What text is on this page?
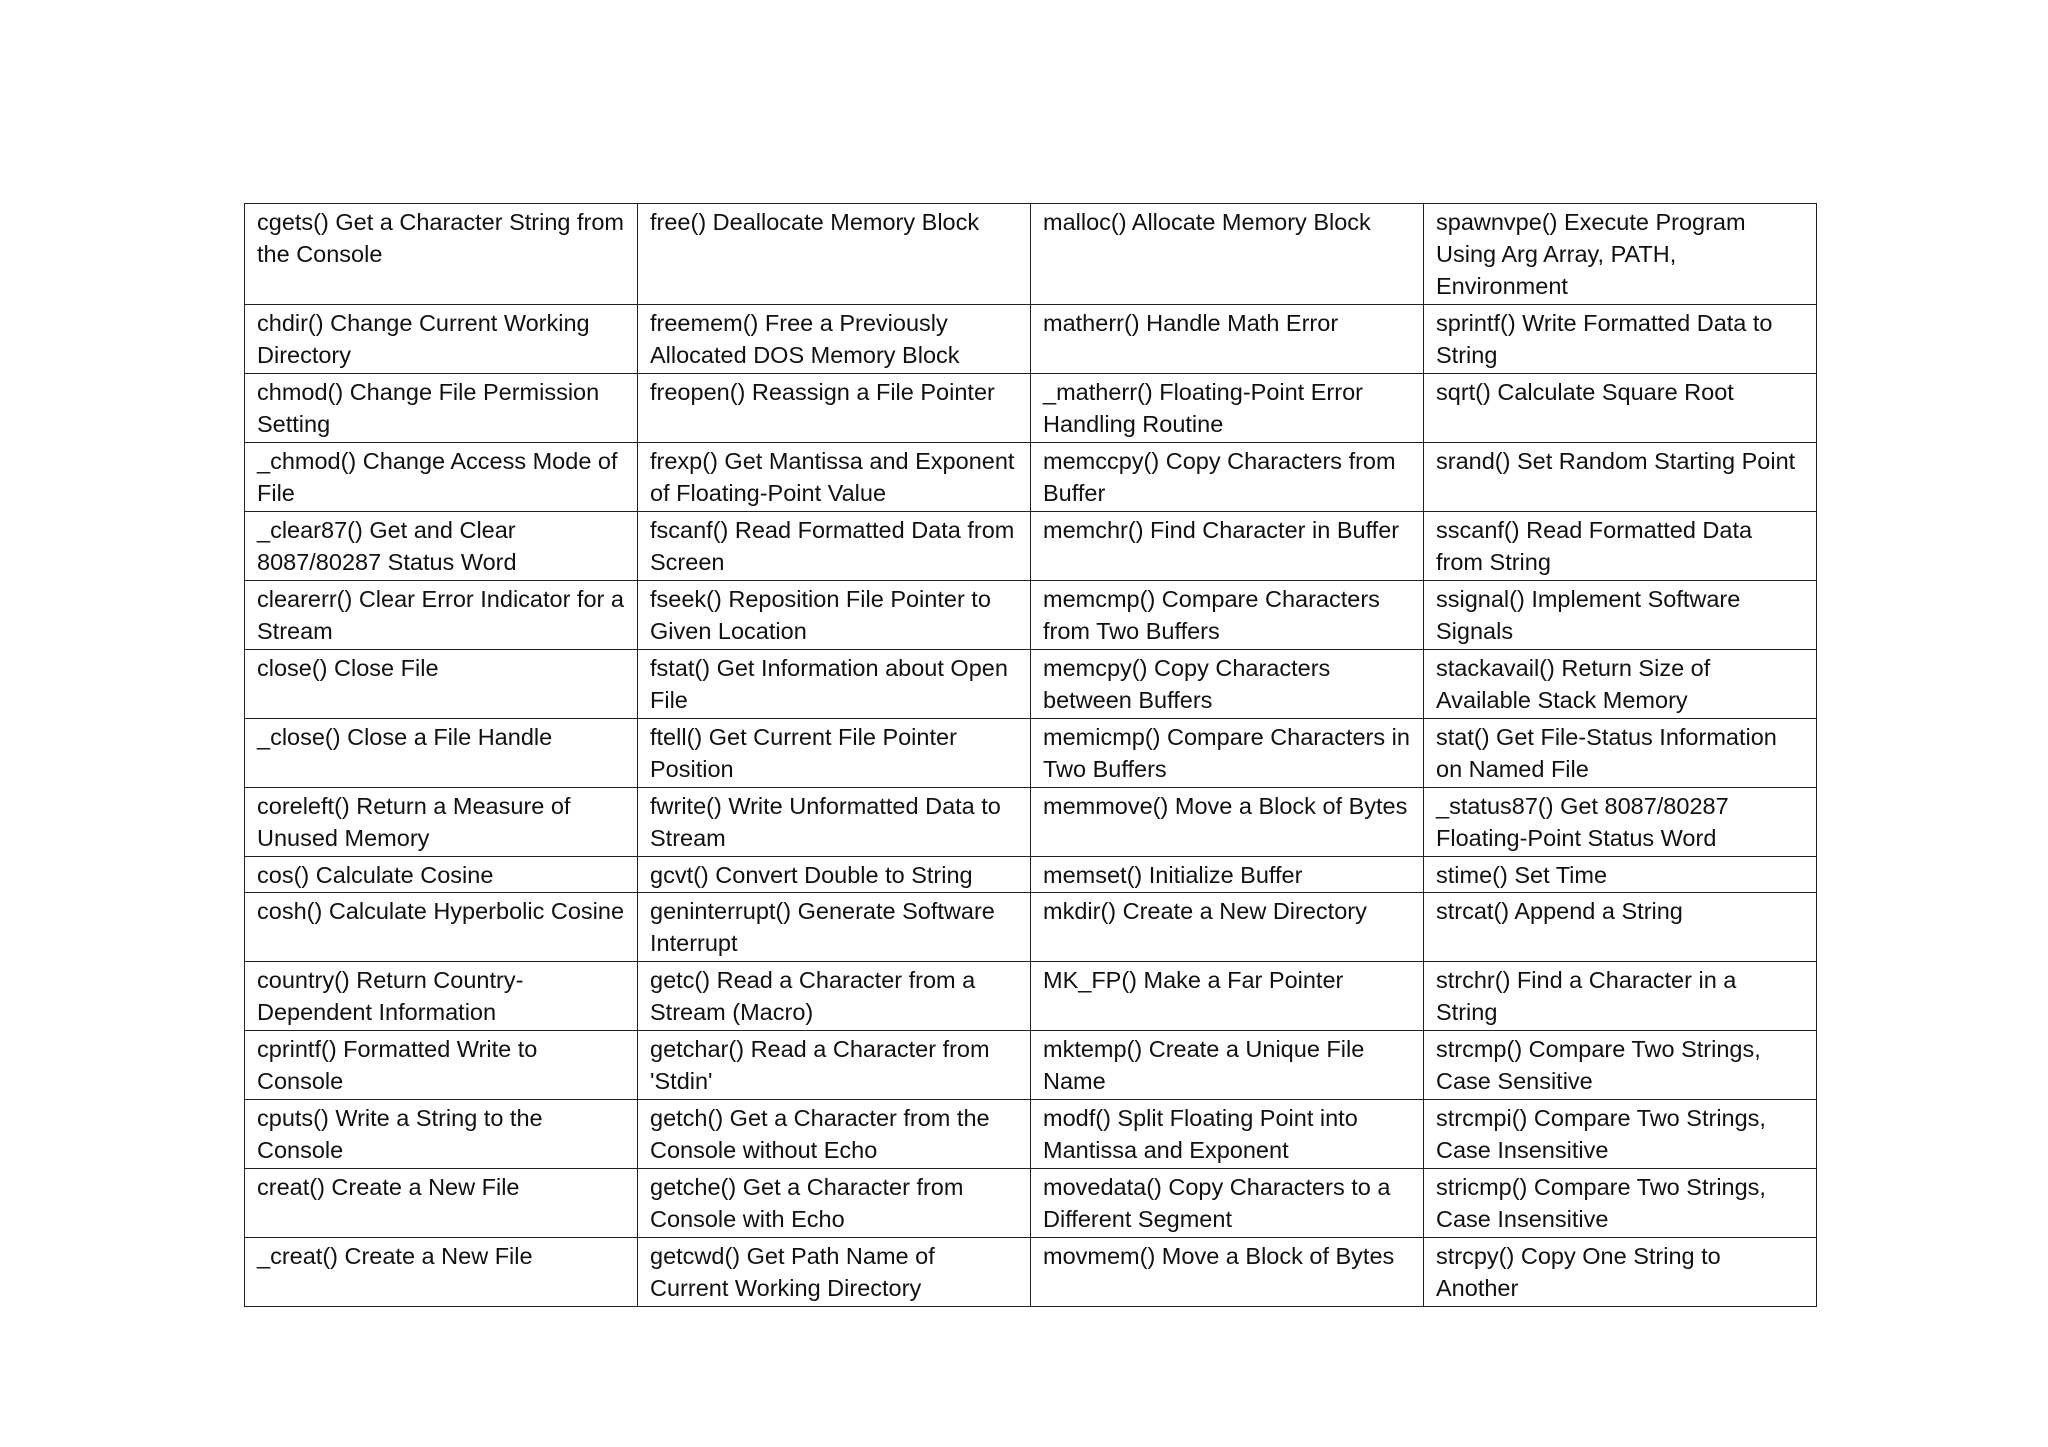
cgets() Get a Character String from the Console	free() Deallocate Memory Block	malloc() Allocate Memory Block	spawnvpe() Execute Program Using Arg Array, PATH, Environment
chdir() Change Current Working Directory	freemem() Free a Previously Allocated DOS Memory Block	matherr() Handle Math Error	sprintf() Write Formatted Data to String
chmod() Change File Permission Setting	freopen() Reassign a File Pointer	_matherr() Floating-Point Error Handling Routine	sqrt() Calculate Square Root
_chmod() Change Access Mode of File	frexp() Get Mantissa and Exponent of Floating-Point Value	memccpy() Copy Characters from Buffer	srand() Set Random Starting Point
_clear87() Get and Clear 8087/80287 Status Word	fscanf() Read Formatted Data from Screen	memchr() Find Character in Buffer	sscanf() Read Formatted Data from String
clearerr() Clear Error Indicator for a Stream	fseek() Reposition File Pointer to Given Location	memcmp() Compare Characters from Two Buffers	ssignal() Implement Software Signals
close() Close File	fstat() Get Information about Open File	memcpy() Copy Characters between Buffers	stackavail() Return Size of Available Stack Memory
_close() Close a File Handle	ftell() Get Current File Pointer Position	memicmp() Compare Characters in Two Buffers	stat() Get File-Status Information on Named File
coreleft() Return a Measure of Unused Memory	fwrite() Write Unformatted Data to Stream	memmove() Move a Block of Bytes	_status87() Get 8087/80287 Floating-Point Status Word
cos() Calculate Cosine	gcvt() Convert Double to String	memset() Initialize Buffer	stime() Set Time
cosh() Calculate Hyperbolic Cosine	geninterrupt() Generate Software Interrupt	mkdir() Create a New Directory	strcat() Append a String
country() Return Country-Dependent Information	getc() Read a Character from a Stream (Macro)	MK_FP() Make a Far Pointer	strchr() Find a Character in a String
cprintf() Formatted Write to Console	getchar() Read a Character from 'Stdin'	mktemp() Create a Unique File Name	strcmp() Compare Two Strings, Case Sensitive
cputs() Write a String to the Console	getch() Get a Character from the Console without Echo	modf() Split Floating Point into Mantissa and Exponent	strcmpi() Compare Two Strings, Case Insensitive
creat() Create a New File	getche() Get a Character from Console with Echo	movedata() Copy Characters to a Different Segment	stricmp() Compare Two Strings, Case Insensitive
_creat() Create a New File	getcwd() Get Path Name of Current Working Directory	movmem() Move a Block of Bytes	strcpy() Copy One String to Another
